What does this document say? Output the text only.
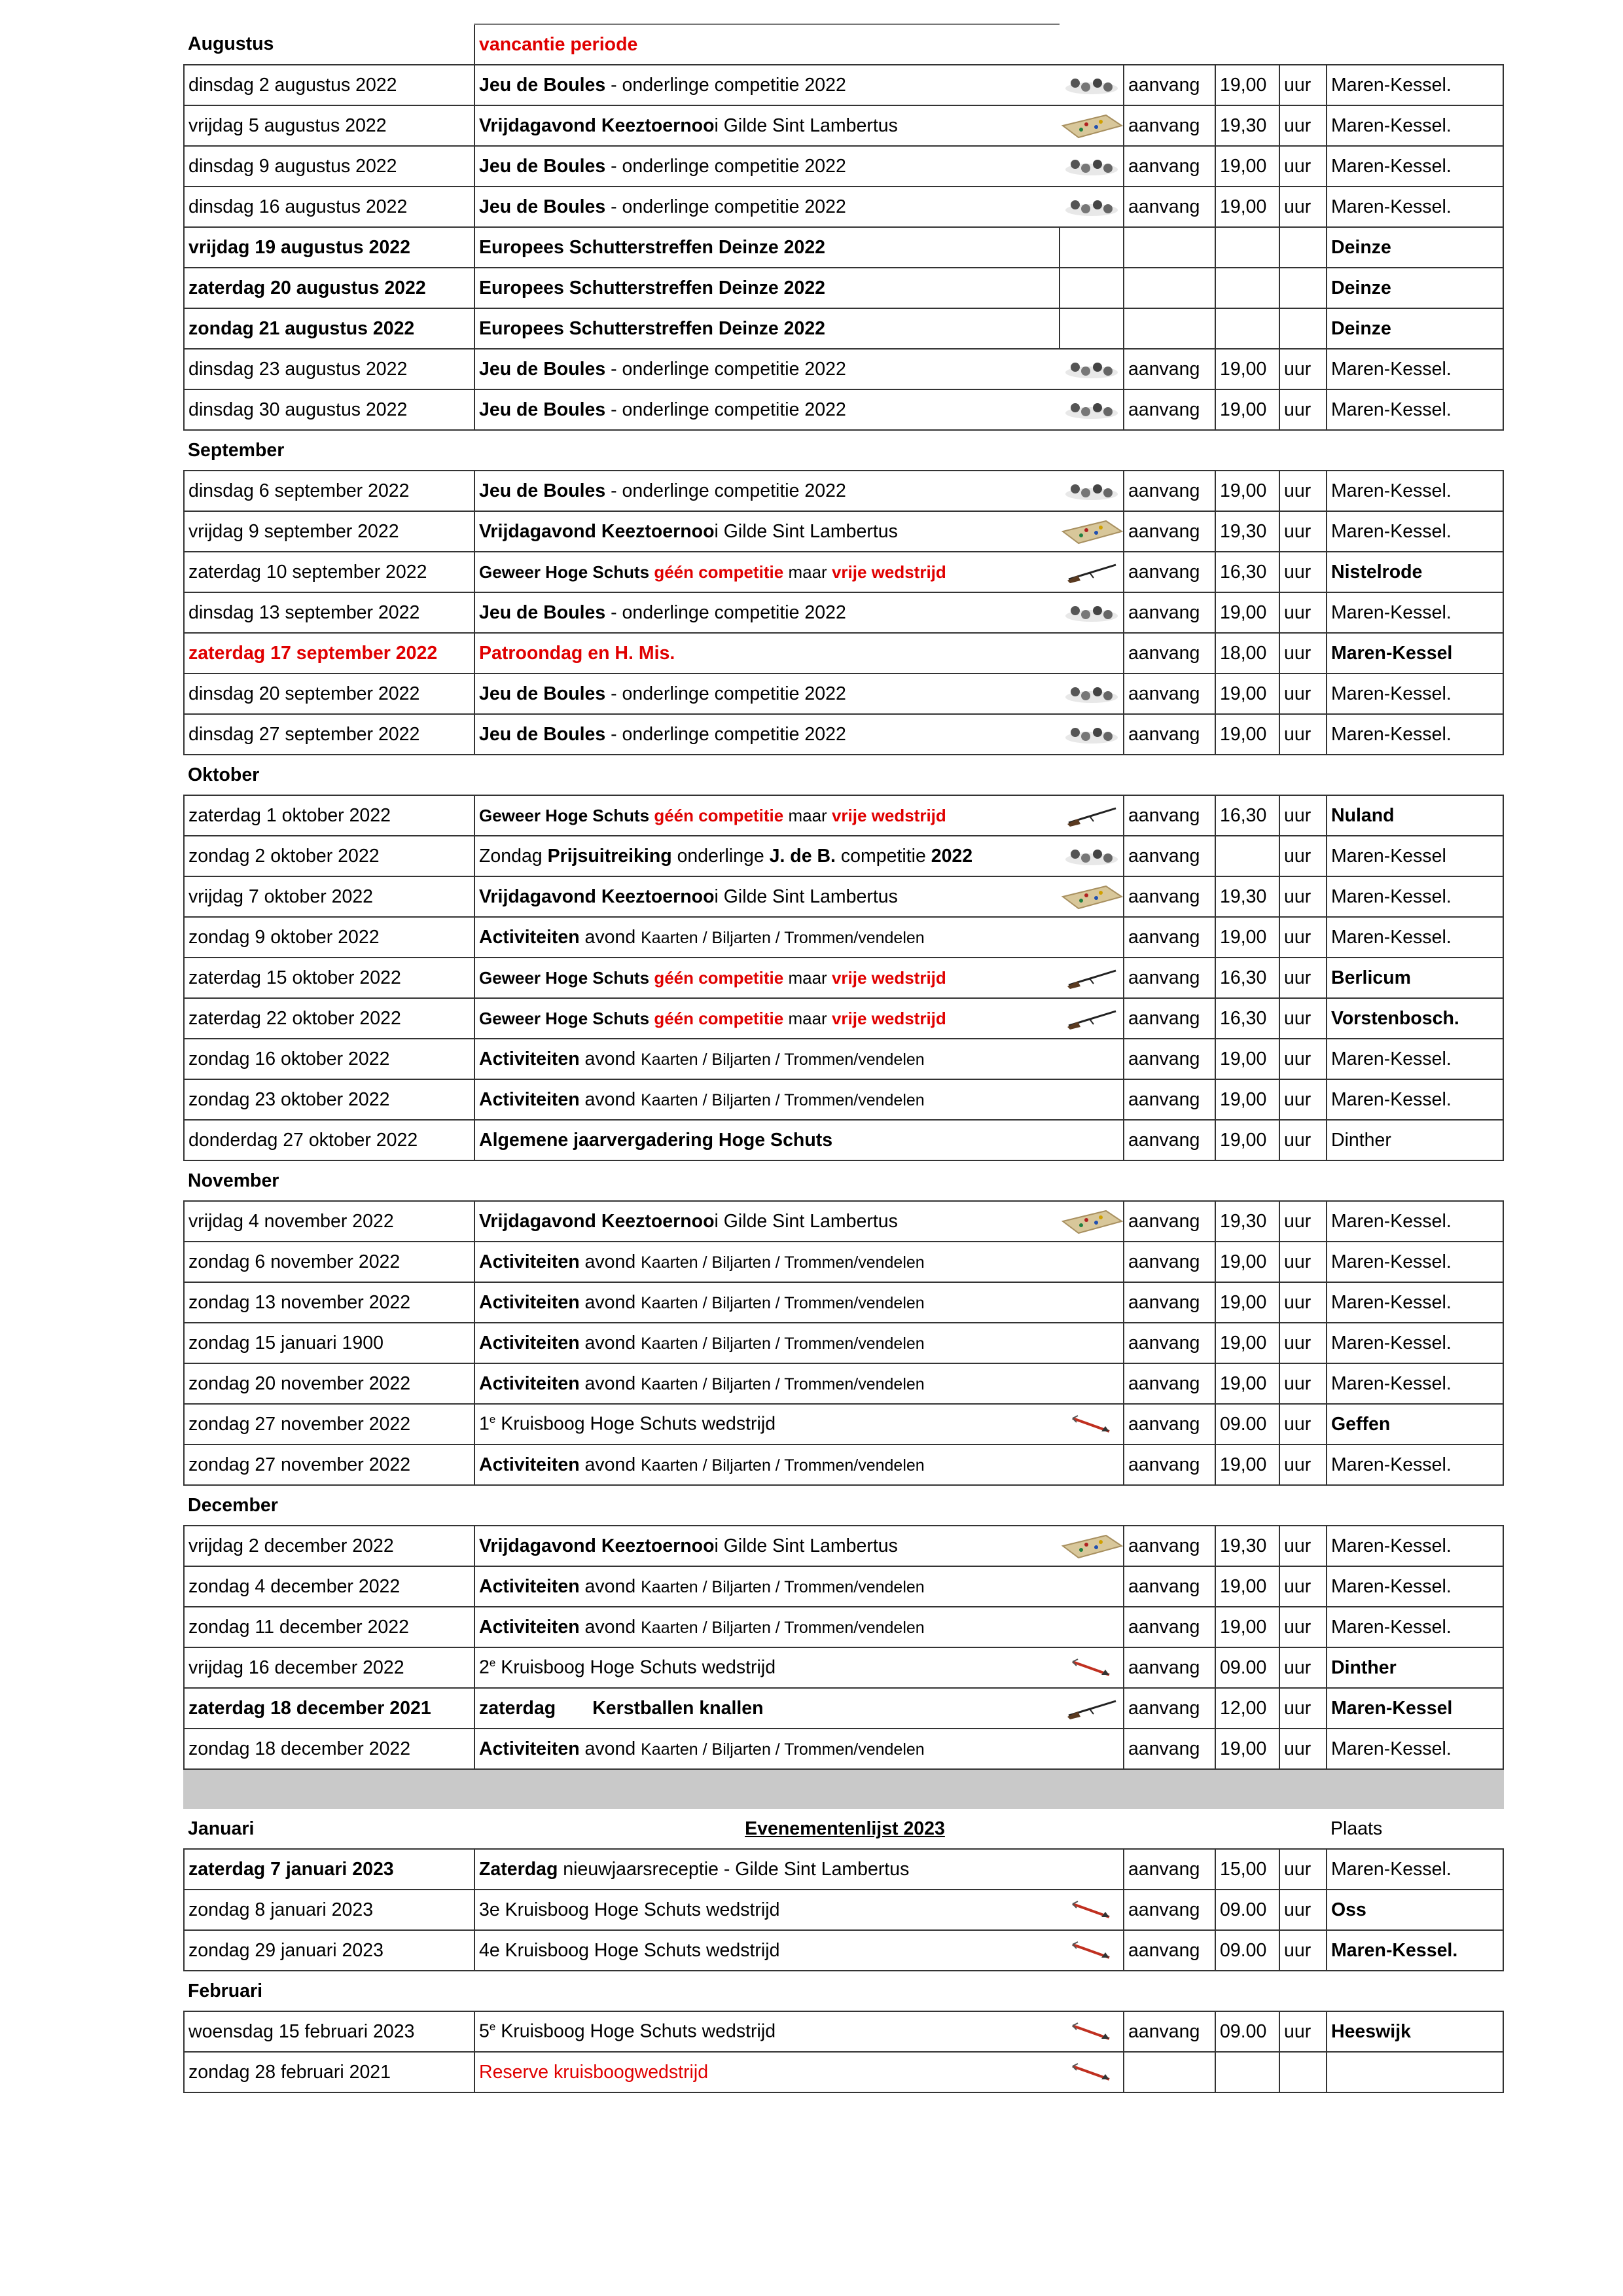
Augustus	vancantie periode					
dinsdag 2 augustus 2022	Jeu de Boules - onderlinge competitie 2022		aanvang	19,00	uur	Maren-Kessel.
vrijdag 5 augustus 2022	Vrijdagavond Keeztoernooi Gilde Sint Lambertus		aanvang	19,30	uur	Maren-Kessel.
dinsdag 9 augustus 2022	Jeu de Boules - onderlinge competitie 2022		aanvang	19,00	uur	Maren-Kessel.
dinsdag 16 augustus 2022	Jeu de Boules - onderlinge competitie 2022		aanvang	19,00	uur	Maren-Kessel.
vrijdag 19 augustus 2022	Europees Schutterstreffen Deinze 2022					Deinze
zaterdag 20 augustus 2022	Europees Schutterstreffen Deinze 2022					Deinze
zondag 21 augustus 2022	Europees Schutterstreffen Deinze 2022					Deinze
dinsdag 23 augustus 2022	Jeu de Boules - onderlinge competitie 2022		aanvang	19,00	uur	Maren-Kessel.
dinsdag 30 augustus 2022	Jeu de Boules - onderlinge competitie 2022		aanvang	19,00	uur	Maren-Kessel.
September						
dinsdag 6 september 2022	Jeu de Boules - onderlinge competitie 2022		aanvang	19,00	uur	Maren-Kessel.
vrijdag 9 september 2022	Vrijdagavond Keeztoernooi Gilde Sint Lambertus		aanvang	19,30	uur	Maren-Kessel.
zaterdag 10 september 2022	Geweer Hoge Schuts géén competitie maar vrije wedstrijd		aanvang	16,30	uur	Nistelrode
dinsdag 13 september 2022	Jeu de Boules - onderlinge competitie 2022		aanvang	19,00	uur	Maren-Kessel.
zaterdag 17 september 2022	Patroondag en H. Mis.		aanvang	18,00	uur	Maren-Kessel
dinsdag 20 september 2022	Jeu de Boules - onderlinge competitie 2022		aanvang	19,00	uur	Maren-Kessel.
dinsdag 27 september 2022	Jeu de Boules - onderlinge competitie 2022		aanvang	19,00	uur	Maren-Kessel.
Oktober						
zaterdag 1 oktober 2022	Geweer Hoge Schuts géén competitie maar vrije wedstrijd		aanvang	16,30	uur	Nuland
zondag 2 oktober 2022	Zondag Prijsuitreiking onderlinge J. de B. competitie 2022		aanvang		uur	Maren-Kessel
vrijdag 7 oktober 2022	Vrijdagavond Keeztoernooi Gilde Sint Lambertus		aanvang	19,30	uur	Maren-Kessel.
zondag 9 oktober 2022	Activiteiten avond Kaarten / Biljarten / Trommen/vendelen		aanvang	19,00	uur	Maren-Kessel.
zaterdag 15 oktober 2022	Geweer Hoge Schuts géén competitie maar vrije wedstrijd		aanvang	16,30	uur	Berlicum
zaterdag 22 oktober 2022	Geweer Hoge Schuts géén competitie maar vrije wedstrijd		aanvang	16,30	uur	Vorstenbosch.
zondag 16 oktober 2022	Activiteiten avond Kaarten / Biljarten / Trommen/vendelen		aanvang	19,00	uur	Maren-Kessel.
zondag 23 oktober 2022	Activiteiten avond Kaarten / Biljarten / Trommen/vendelen		aanvang	19,00	uur	Maren-Kessel.
donderdag 27 oktober 2022	Algemene jaarvergadering Hoge Schuts		aanvang	19,00	uur	Dinther
November						
vrijdag 4 november 2022	Vrijdagavond Keeztoernooi Gilde Sint Lambertus		aanvang	19,30	uur	Maren-Kessel.
zondag 6 november 2022	Activiteiten avond Kaarten / Biljarten / Trommen/vendelen		aanvang	19,00	uur	Maren-Kessel.
zondag 13 november 2022	Activiteiten avond Kaarten / Biljarten / Trommen/vendelen		aanvang	19,00	uur	Maren-Kessel.
zondag 15 januari 1900	Activiteiten avond Kaarten / Biljarten / Trommen/vendelen		aanvang	19,00	uur	Maren-Kessel.
zondag 20 november 2022	Activiteiten avond Kaarten / Biljarten / Trommen/vendelen		aanvang	19,00	uur	Maren-Kessel.
zondag 27 november 2022	1e Kruisboog Hoge Schuts wedstrijd		aanvang	09.00	uur	Geffen
zondag 27 november 2022	Activiteiten avond Kaarten / Biljarten / Trommen/vendelen		aanvang	19,00	uur	Maren-Kessel.
December						
vrijdag 2 december 2022	Vrijdagavond Keeztoernooi Gilde Sint Lambertus		aanvang	19,30	uur	Maren-Kessel.
zondag 4 december 2022	Activiteiten avond Kaarten / Biljarten / Trommen/vendelen		aanvang	19,00	uur	Maren-Kessel.
zondag 11 december 2022	Activiteiten avond Kaarten / Biljarten / Trommen/vendelen		aanvang	19,00	uur	Maren-Kessel.
vrijdag 16 december 2022	2e Kruisboog Hoge Schuts wedstrijd		aanvang	09.00	uur	Dinther
zaterdag 18 december 2021	zaterdag Kerstballen knallen		aanvang	12,00	uur	Maren-Kessel
zondag 18 december 2022	Activiteiten avond Kaarten / Biljarten / Trommen/vendelen		aanvang	19,00	uur	Maren-Kessel.

Januari	Evenementenlijst 2023					Plaats
zaterdag 7 januari 2023	Zaterdag nieuwjaarsreceptie - Gilde Sint Lambertus		aanvang	15,00	uur	Maren-Kessel.
zondag 8 januari 2023	3e Kruisboog Hoge Schuts wedstrijd		aanvang	09.00	uur	Oss
zondag 29 januari 2023	4e Kruisboog Hoge Schuts wedstrijd		aanvang	09.00	uur	Maren-Kessel.
Februari						
woensdag 15 februari 2023	5e Kruisboog Hoge Schuts wedstrijd		aanvang	09.00	uur	Heeswijk
zondag 28 februari 2021	Reserve kruisboogwedstrijd					
